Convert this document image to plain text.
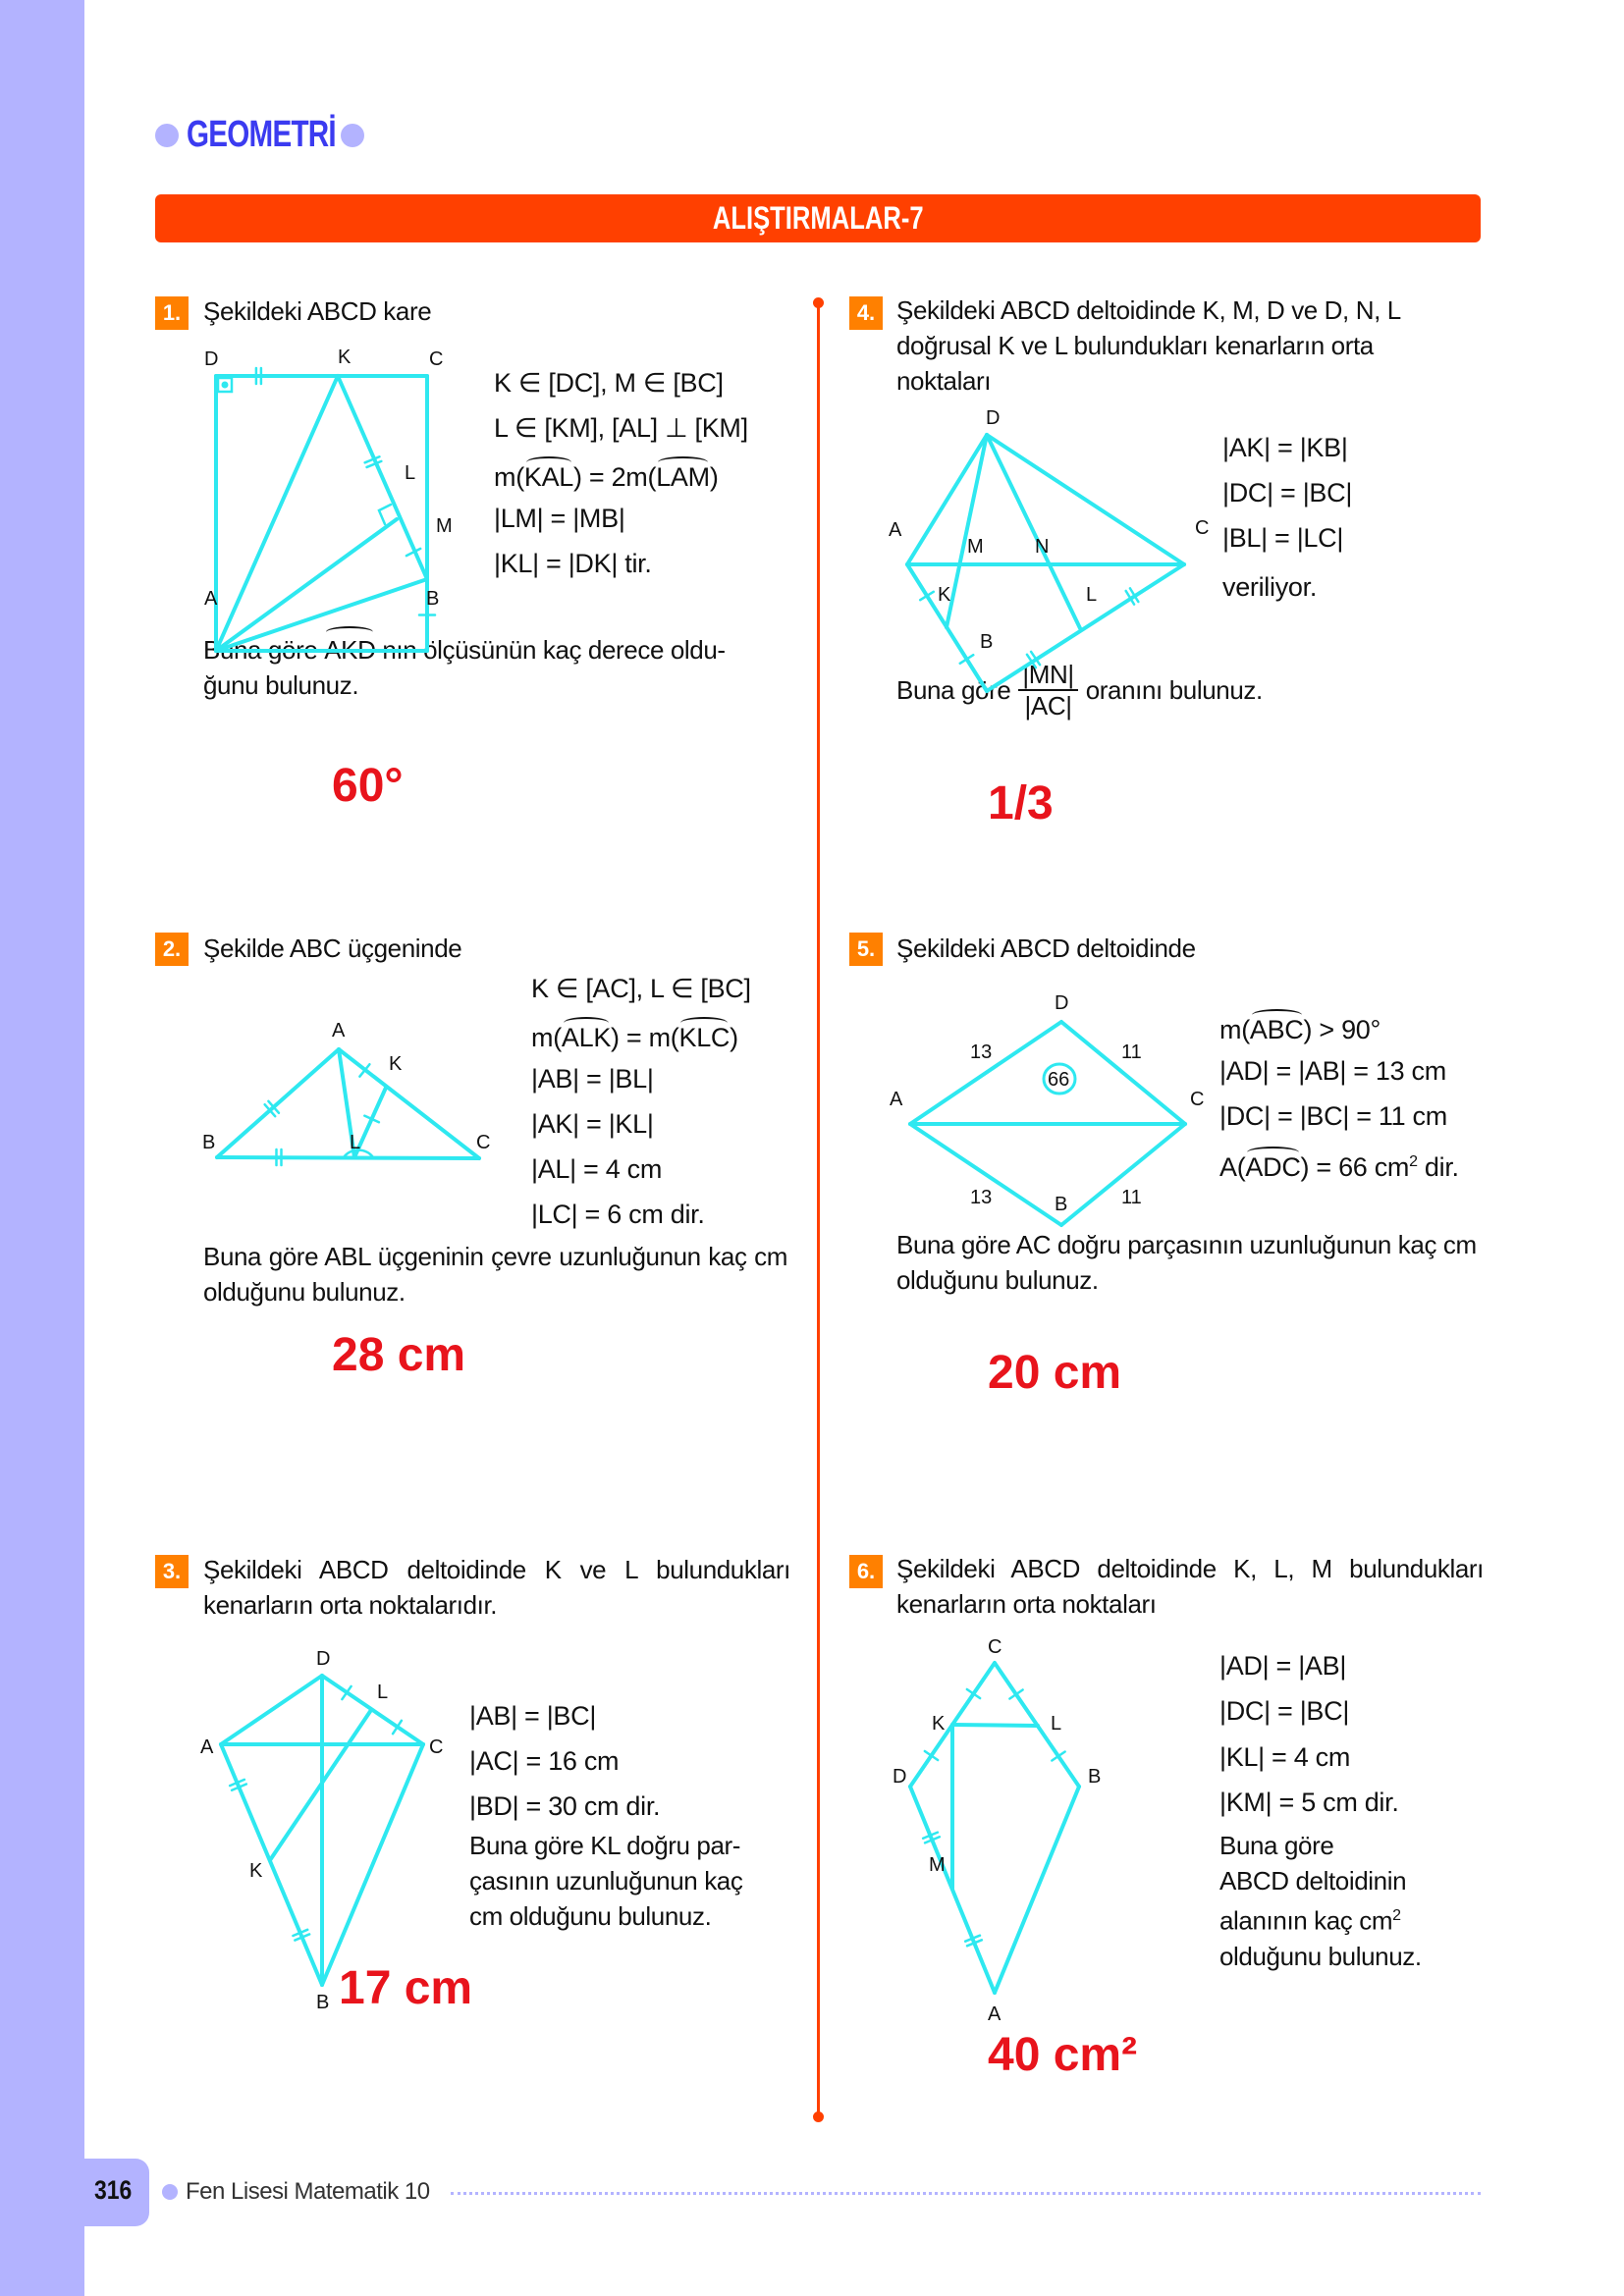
GEOMETRİ
ALIŞTIRMALAR-7
1. Şekildeki ABCD kare
K ∈ [DC], M ∈ [BC]
L ∈ [KM], [AL] ⊥ [KM]
m(KAL) = 2m(LAM)
|LM| = |MB|
|KL| = |DK| tir.
Buna göre AKD nın ölçüsünün kaç derece oldu-
ğunu bulunuz.
60°
4. Şekildeki ABCD deltoidinde K, M, D ve D, N, L
doğrusal K ve L bulundukları kenarların orta
noktaları
|AK| = |KB|
|DC| = |BC|
|BL| = |LC|
veriliyor.
Buna göre $\frac{|MN|}{|AC|}$ oranını bulunuz.
1/3
2. Şekilde ABC üçgeninde
K ∈ [AC], L ∈ [BC]
m(ALK) = m(KLC)
|AB| = |BL|
|AK| = |KL|
|AL| = 4 cm
|LC| = 6 cm dir.
Buna göre ABL üçgeninin çevre uzunluğunun kaç cm olduğunu bulunuz.
28 cm
5. Şekildeki ABCD deltoidinde
m(ABC) > 90°
|AD| = |AB| = 13 cm
|DC| = |BC| = 11 cm
A(ADC) = 66 $cm^2$ dir.
Buna göre AC doğru parçasının uzunluğunun kaç cm olduğunu bulunuz.
20 cm
3. Şekildeki ABCD deltoidinde K ve L bulundukları kenarların orta noktalarıdır.
|AB| = |BC|
|AC| = 16 cm
|BD| = 30 cm dir.
Buna göre KL doğru par-
çasının uzunluğunun kaç
cm olduğunu bulunuz.
17 cm
6. Şekildeki ABCD deltoidinde K, L, M bulundukları kenarların orta noktaları
|AD| = |AB|
|DC| = |BC|
|KL| = 4 cm
|KM| = 5 cm dir.
Buna göre
ABCD deltoidinin
alanının kaç $cm^2$
olduğunu bulunuz.
40 cm²
D	K	C
L
M
A	B
D
A	C
M	N
K	L
B
A
K
B	L	C
D
A	C
B
13	11
13	11
66
D
L
A	C
K
B
C
K	L
D	B
M
A
316 Fen Lisesi Matematik 10
